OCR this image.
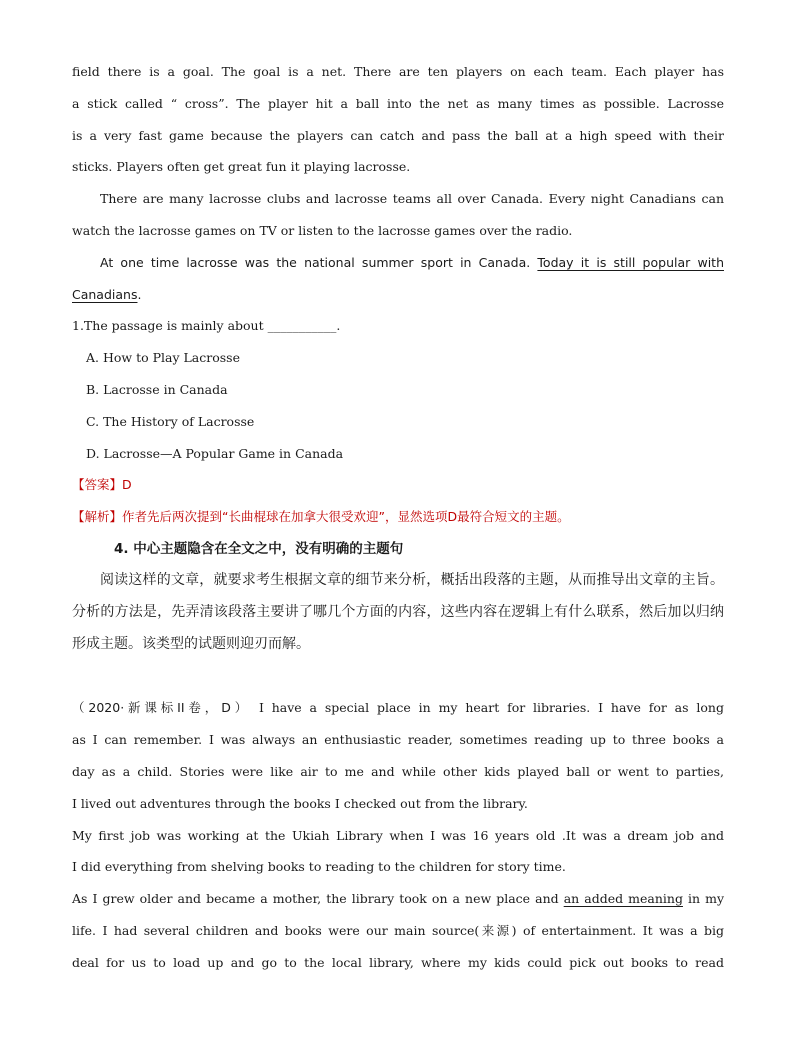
field there is a goal. The goal is a net. There are ten players on each team. Each player has
a stick called “ cross”. The player hit a ball into the net as many times as possible. Lacrosse
is a very fast game because the players can catch and pass the ball at a high speed with their
sticks. Players often get great fun it playing lacrosse.
There are many lacrosse clubs and lacrosse teams all over Canada. Every night Canadians can
watch the lacrosse games on TV or listen to the lacrosse games over the radio.
At one time lacrosse was the national summer sport in Canada. Today it is still popular with
Canadians.
1.The passage is mainly about ___________.
A. How to Play Lacrosse
B. Lacrosse in Canada
C. The History of Lacrosse
D. Lacrosse—A Popular Game in Canada
【答案】D
【解析】作者先后两次提到“长曲棍球在加拿大很受欢迎”，显然选项D最符合短文的主题。
4. 中心主题隐含在全文之中，没有明确的主题句
阅读这样的文章，就要求考生根据文章的细节来分析，概括出段落的主题，从而推导出文章的主旨。
分析的方法是，先弄清该段落主要讲了哪几个方面的内容，这些内容在逻辑上有什么联系，然后加以归纳
形成主题。该类型的试题则迎刃而解。
（2020·新课标II卷，D） I have a special place in my heart for libraries. I have for as long
as I can remember. I was always an enthusiastic reader, sometimes reading up to three books a
day as a child. Stories were like air to me and while other kids played ball or went to parties,
I lived out adventures through the books I checked out from the library.
My first job was working at the Ukiah Library when I was 16 years old .It was a dream job and
I did everything from shelving books to reading to the children for story time.
As I grew older and became a mother, the library took on a new place and an added meaning in my
life. I had several children and books were our main source(来源) of entertainment. It was a big
deal for us to load up and go to the local library, where my kids could pick out books to read
